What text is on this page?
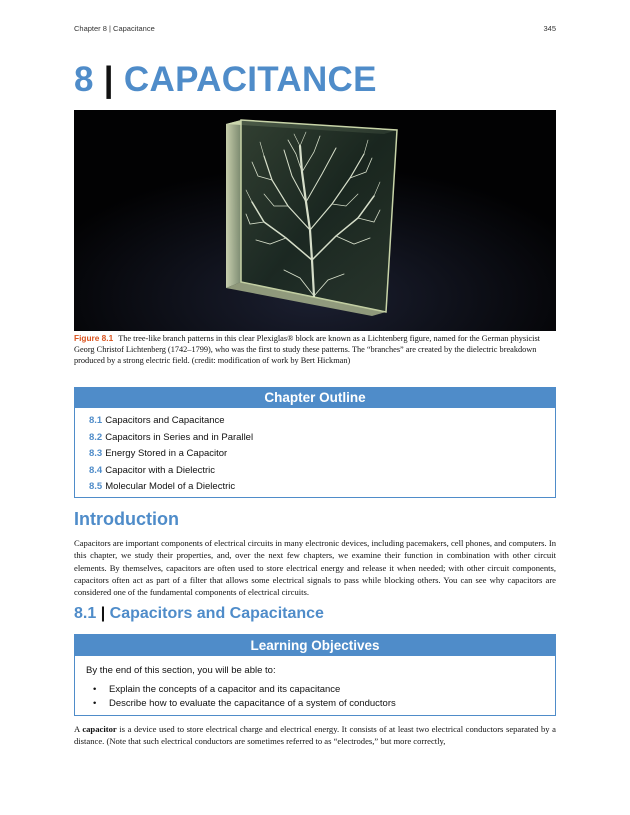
Chapter 8 | Capacitance	345
8 | CAPACITANCE
Figure 8.1 The tree-like branch patterns in this clear Plexiglas® block are known as a Lichtenberg figure, named for the German physicist Georg Christof Lichtenberg (1742–1799), who was the first to study these patterns. The “branches” are created by the dielectric breakdown produced by a strong electric field. (credit: modification of work by Bert Hickman)
Chapter Outline
8.1 Capacitors and Capacitance
8.2 Capacitors in Series and in Parallel
8.3 Energy Stored in a Capacitor
8.4 Capacitor with a Dielectric
8.5 Molecular Model of a Dielectric
Introduction

Capacitors are important components of electrical circuits in many electronic devices, including pacemakers, cell phones, and computers. In this chapter, we study their properties, and, over the next few chapters, we examine their function in combination with other circuit elements. By themselves, capacitors are often used to store electrical energy and release it when needed; with other circuit components, capacitors often act as part of a filter that allows some electrical signals to pass while blocking others. You can see why capacitors are considered one of the fundamental components of electrical circuits.

8.1 | Capacitors and Capacitance
Learning Objectives
By the end of this section, you will be able to:
• Explain the concepts of a capacitor and its capacitance
• Describe how to evaluate the capacitance of a system of conductors

A capacitor is a device used to store electrical charge and electrical energy. It consists of at least two electrical conductors separated by a distance. (Note that such electrical conductors are sometimes referred to as “electrodes,” but more correctly,
